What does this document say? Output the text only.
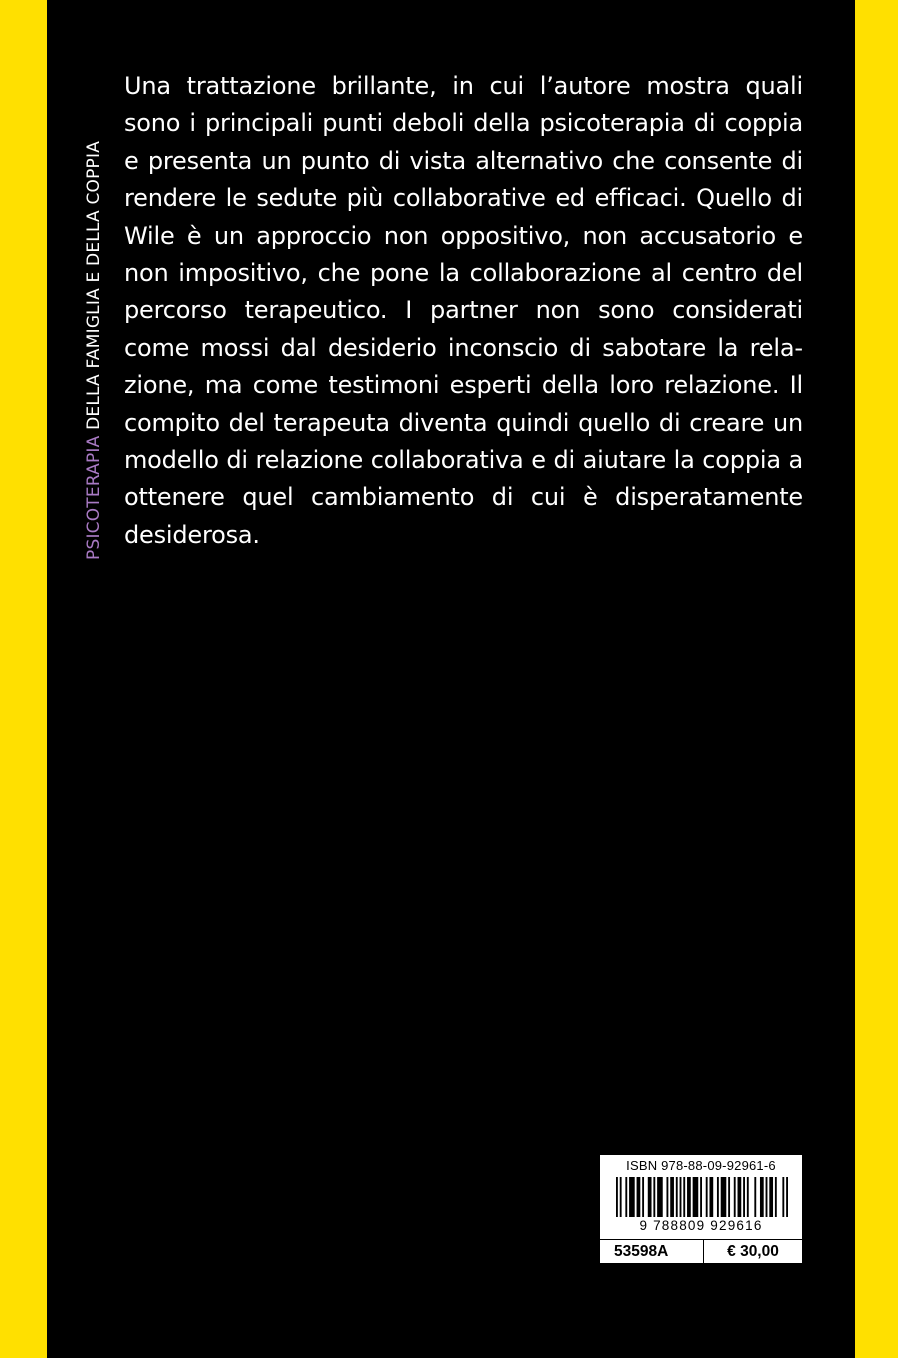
PSICOTERAPIA DELLA FAMIGLIA E DELLA COPPIA

Una trattazione brillante, in cui l’autore mostra quali sono i principali punti deboli della psicoterapia di coppia e presenta un punto di vista alternativo che consente di rendere le sedute più collaborative ed efficaci. Quello di Wile è un approccio non oppositivo, non accusatorio e non impositivo, che pone la collaborazione al centro del percorso terapeutico. I partner non sono considerati come mossi dal desiderio inconscio di sabotare la relazione, ma come testimoni esperti della loro relazione. Il compito del terapeuta diventa quindi quello di creare un modello di relazione collaborativa e di aiutare la coppia a ottenere quel cambiamento di cui è disperatamente desiderosa.

ISBN 978-88-09-92961-6
9 788809 929616
53598A	€ 30,00
